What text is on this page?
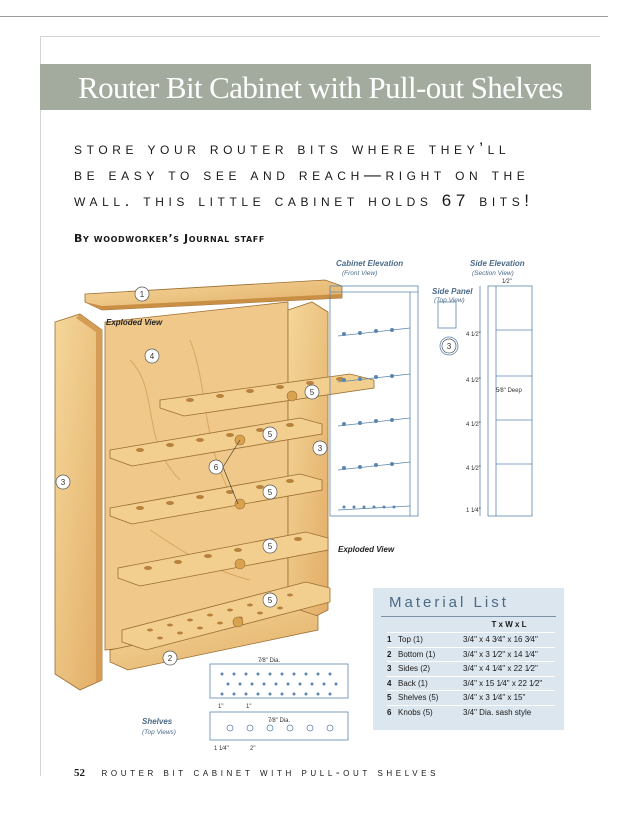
Router Bit Cabinet with Pull-out Shelves
store your router bits where they’ll
be easy to see and reach—right on the
wall. this little cabinet holds 67 bits!
By woodworker’s Journal staff
1
4
3
3
5
5
5
5
5
6
2
3
Exploded View
Exploded View
Cabinet Elevation	Side Elevation
Side Panel
Shelves
(Front View)	(Section View)
(Top View)
(Top Views)
5⁄8" Deep
7⁄8" Dia.
7⁄8" Dia.
1⁄2"
4 1⁄2"
4 1⁄2"
4 1⁄2"
4 1⁄2"
1 1⁄4"
1"	1"
1 1⁄4"	2"
Material List
T x W x L
1	Top (1)	3/4" x 4 3⁄4" x 16 3⁄4"
2	Bottom (1)	3/4" x 3 1⁄2" x 14 1⁄4"
3	Sides (2)	3/4" x 4 1⁄4" x 22 1⁄2"
4	Back (1)	3/4" x 15 1⁄4" x 22 1⁄2"
5	Shelves (5)	3/4" x 3 1⁄4" x 15"
6	Knobs (5)	3/4" Dia. sash style
52 router bit cabinet with pull-out shelves
